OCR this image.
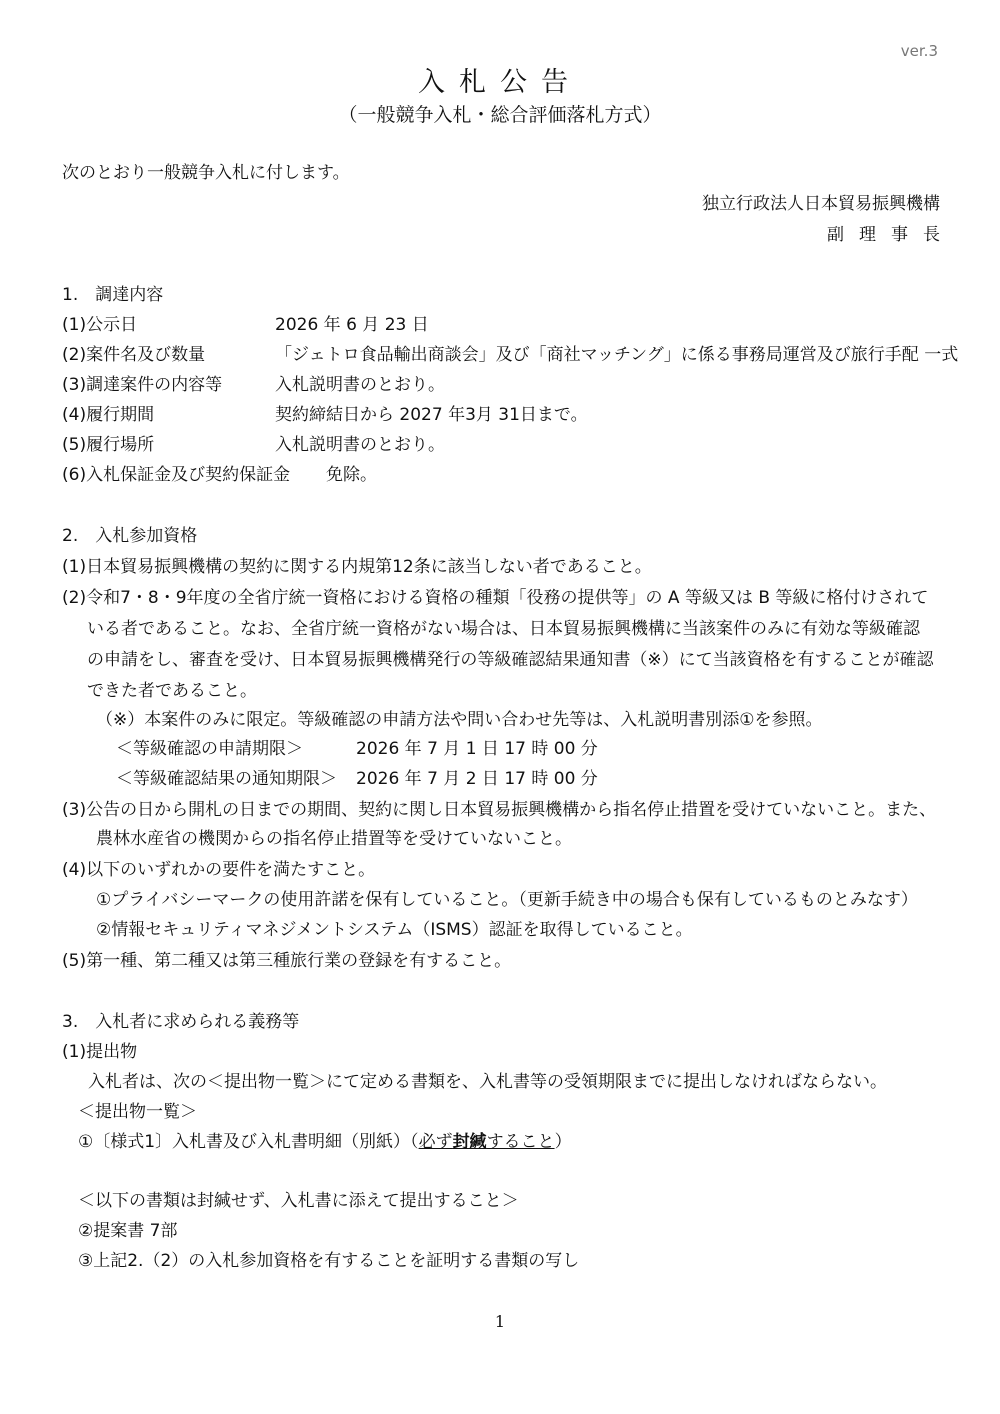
ver.3
入札公告
（一般競争入札・総合評価落札方式）
次のとおり一般競争入札に付します。
独立行政法人日本貿易振興機構
副理事長
1.　調達内容
(1)公示日	2026 年 6 月 23 日
(2)案件名及び数量	「ジェトロ食品輸出商談会」及び「商社マッチング」に係る事務局運営及び旅行手配 一式
(3)調達案件の内容等	入札説明書のとおり。
(4)履行期間	契約締結日から 2027 年3月 31日まで。
(5)履行場所	入札説明書のとおり。
(6)入札保証金及び契約保証金 免除。
2.　入札参加資格
(1)日本貿易振興機構の契約に関する内規第12条に該当しない者であること。
(2)令和7・8・9年度の全省庁統一資格における資格の種類「役務の提供等」の A 等級又は B 等級に格付けされて
いる者であること。なお、全省庁統一資格がない場合は、日本貿易振興機構に当該案件のみに有効な等級確認
の申請をし、審査を受け、日本貿易振興機構発行の等級確認結果通知書（※）にて当該資格を有することが確認
できた者であること。
（※）本案件のみに限定。等級確認の申請方法や問い合わせ先等は、入札説明書別添①を参照。
＜等級確認の申請期限＞	2026 年 7 月 1 日 17 時 00 分
＜等級確認結果の通知期限＞ 2026 年 7 月 2 日 17 時 00 分
(3)公告の日から開札の日までの期間、契約に関し日本貿易振興機構から指名停止措置を受けていないこと。また、
農林水産省の機関からの指名停止措置等を受けていないこと。
(4)以下のいずれかの要件を満たすこと。
①プライバシーマークの使用許諾を保有していること。（更新手続き中の場合も保有しているものとみなす）
②情報セキュリティマネジメントシステム（ISMS）認証を取得していること。
(5)第一種、第二種又は第三種旅行業の登録を有すること。
3.　入札者に求められる義務等
(1)提出物
入札者は、次の＜提出物一覧＞にて定める書類を、入札書等の受領期限までに提出しなければならない。
＜提出物一覧＞
①〔様式1〕入札書及び入札書明細（別紙）（必ず封緘すること）
＜以下の書類は封緘せず、入札書に添えて提出すること＞
②提案書 7部
③上記2.（2）の入札参加資格を有することを証明する書類の写し
1
